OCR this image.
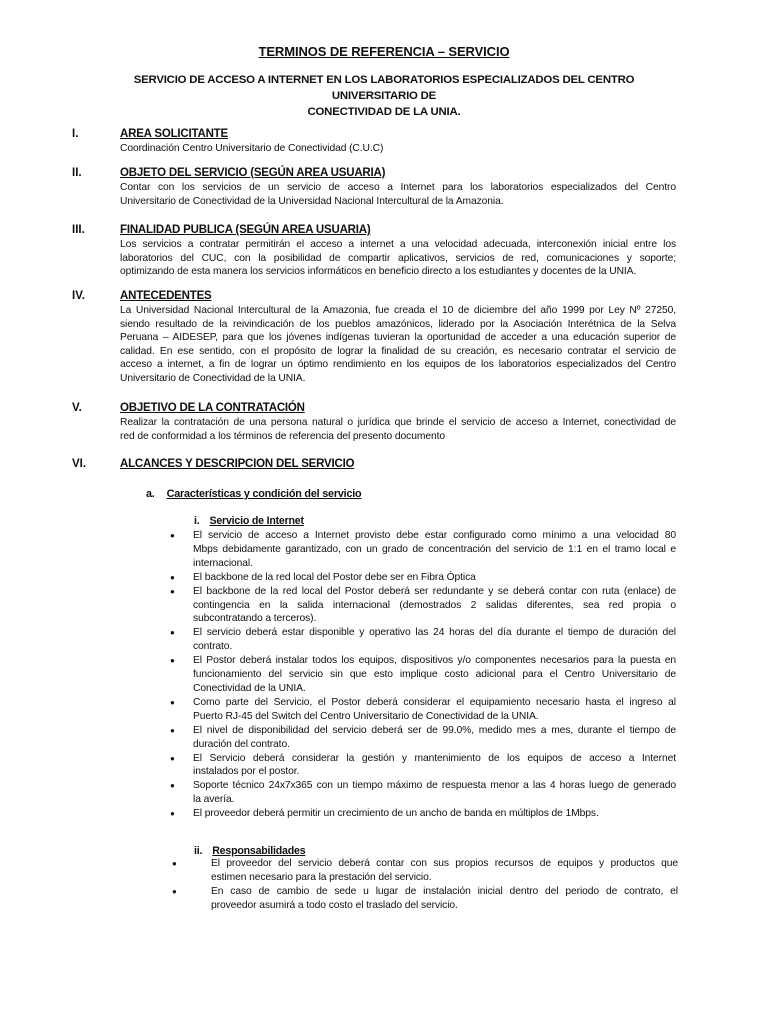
TERMINOS DE REFERENCIA – SERVICIO
SERVICIO DE ACCESO A INTERNET EN LOS LABORATORIOS ESPECIALIZADOS DEL CENTRO UNIVERSITARIO DE
CONECTIVIDAD DE LA UNIA.
I.	AREA SOLICITANTE
Coordinación Centro Universitario de Conectividad (C.U.C)
II.	OBJETO DEL SERVICIO (SEGÚN AREA USUARIA)
Contar con los servicios de un servicio de acceso a Internet para los laboratorios especializados del Centro
Universitario de Conectividad de la Universidad Nacional Intercultural de la Amazonia.
III.	FINALIDAD PUBLICA (SEGÚN AREA USUARIA)
Los servicios a contratar permitirán el acceso a internet a una velocidad adecuada, interconexión inicial entre los
laboratorios del CUC, con la posibilidad de compartir aplicativos, servicios de red, comunicaciones y soporte;
optimizando de esta manera los servicios informáticos en beneficio directo a los estudiantes y docentes de la UNIA.
IV.	ANTECEDENTES
La Universidad Nacional Intercultural de la Amazonia, fue creada el 10 de diciembre del año 1999 por Ley Nº 27250,
siendo resultado de la reivindicación de los pueblos amazónicos, liderado por la Asociación Interétnica de la Selva
Peruana – AIDESEP, para que los jóvenes indígenas tuvieran la oportunidad de acceder a una educación superior de
calidad. En ese sentido, con el propósito de lograr la finalidad de su creación, es necesario contratar el servicio de
acceso a internet, a fin de lograr un óptimo rendimiento en los equipos de los laboratorios especializados del Centro
Universitario de Conectividad de la UNIA.
V.	OBJETIVO DE LA CONTRATACIÓN
Realizar la contratación de una persona natural o jurídica que brinde el servicio de acceso a Internet, conectividad de
red de conformidad a los términos de referencia del presento documento
VI.	ALCANCES Y DESCRIPCION DEL SERVICIO
a. Características y condición del servicio
i. Servicio de Internet
● El servicio de acceso a Internet provisto debe estar configurado como mínimo a una velocidad 80
Mbps debidamente garantizado, con un grado de concentración del servicio de 1:1 en el tramo local e
internacional.
● El backbone de la red local del Postor debe ser en Fibra Óptica
● El backbone de la red local del Postor deberá ser redundante y se deberá contar con ruta (enlace) de
contingencia en la salida internacional (demostrados 2 salidas diferentes, sea red propia o
subcontratando a terceros).
● El servicio deberá estar disponible y operativo las 24 horas del día durante el tiempo de duración del
contrato.
● El Postor deberá instalar todos los equipos, dispositivos y/o componentes necesarios para la puesta en
funcionamiento del servicio sin que esto implique costo adicional para el Centro Universitario de
Conectividad de la UNIA.
● Como parte del Servicio, el Postor deberá considerar el equipamiento necesario hasta el ingreso al
Puerto RJ-45 del Switch del Centro Universitario de Conectividad de la UNIA.
● El nivel de disponibilidad del servicio deberá ser de 99.0%, medido mes a mes, durante el tiempo de
duración del contrato.
● El Servicio deberá considerar la gestión y mantenimiento de los equipos de acceso a Internet
instalados por el postor.
● Soporte técnico 24x7x365 con un tiempo máximo de respuesta menor a las 4 horas luego de generado
la avería.
● El proveedor deberá permitir un crecimiento de un ancho de banda en múltiplos de 1Mbps.
ii. Responsabilidades
●	El proveedor del servicio deberá contar con sus propios recursos de equipos y productos que
estimen necesario para la prestación del servicio.
●	En caso de cambio de sede u lugar de instalación inicial dentro del periodo de contrato, el
proveedor asumirá a todo costo el traslado del servicio.
